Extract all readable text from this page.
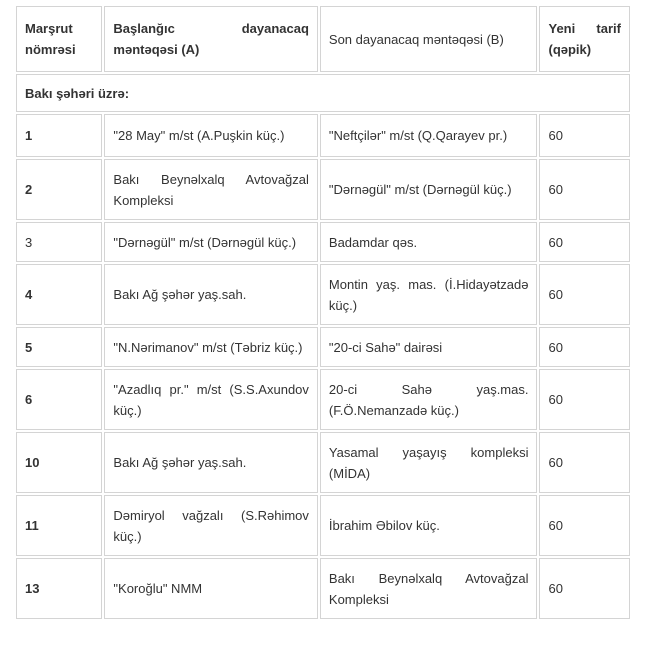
Marşrut nömrəsi	Başlanğıc dayanacaq məntəqəsi (A)	Son dayanacaq məntəqəsi (B)	Yeni tarif (qəpik)
Bakı şəhəri üzrə:			
1	"28 May" m/st (A.Puşkin küç.)	"Neftçilər" m/st (Q.Qarayev pr.)	60
2	Bakı Beynəlxalq Avtovağzal Kompleksi	"Dərnəgül" m/st (Dərnəgül küç.)	60
3	"Dərnəgül" m/st (Dərnəgül küç.)	Badamdar qəs.	60
4	Bakı Ağ şəhər yaş.sah.	Montin yaş. mas. (İ.Hidayətzadə küç.)	60
5	"N.Nərimanov" m/st (Təbriz küç.)	"20-ci Sahə" dairəsi	60
6	"Azadlıq pr." m/st (S.S.Axundov küç.)	20-ci Sahə yaş.mas. (F.Ö.Nemanzadə küç.)	60
10	Bakı Ağ şəhər yaş.sah.	Yasamal yaşayış kompleksi (MİDA)	60
11	Dəmiryol vağzalı (S.Rəhimov küç.)	İbrahim Əbilov küç.	60
13	"Koroğlu" NMM	Bakı Beynəlxalq Avtovağzal Kompleksi	60
